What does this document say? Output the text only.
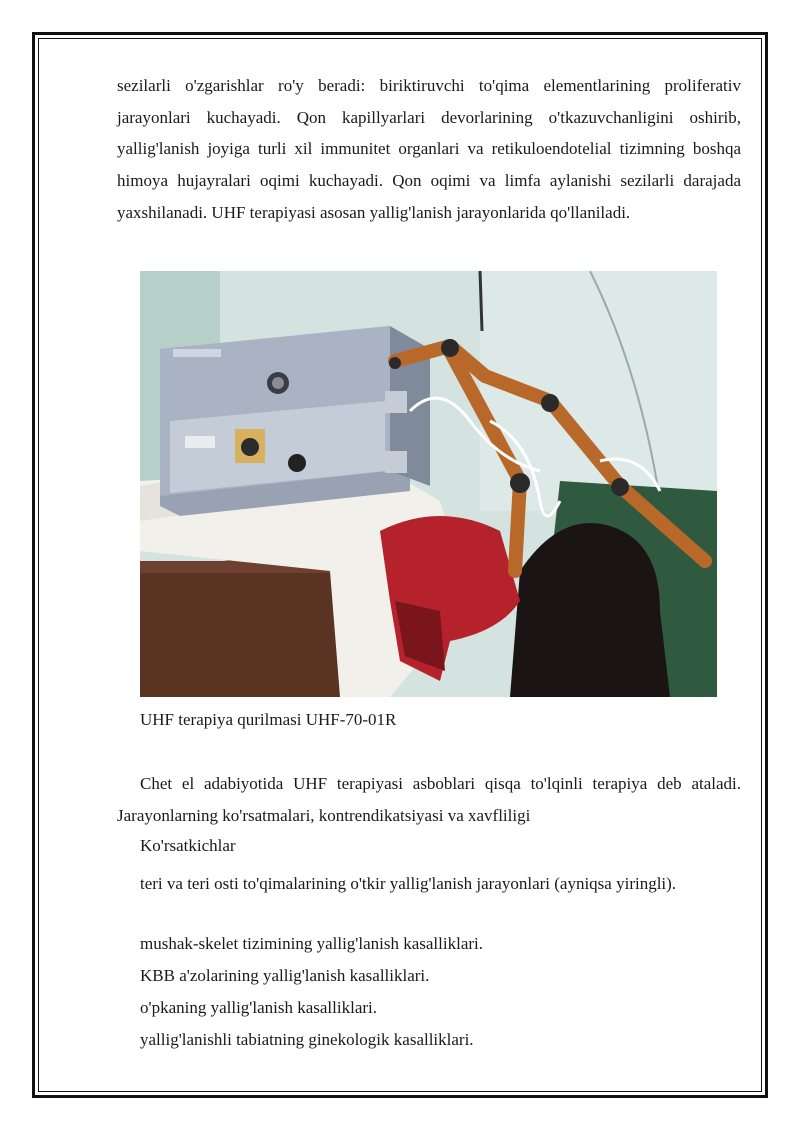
sezilarli o'zgarishlar ro'y beradi: biriktiruvchi to'qima elementlarining proliferativ jarayonlari kuchayadi. Qon kapillyarlari devorlarining o'tkazuvchanligini oshirib, yallig'lanish joyiga turli xil immunitet organlari va retikuloendotelial tizimning boshqa himoya hujayralari oqimi kuchayadi. Qon oqimi va limfa aylanishi sezilarli darajada yaxshilanadi. UHF terapiyasi asosan yallig'lanish jarayonlarida qo'llaniladi.

UHF terapiya qurilmasi UHF-70-01R

Chet el adabiyotida UHF terapiyasi asboblari qisqa to'lqinli terapiya deb ataladi. Jarayonlarning ko'rsatmalari, kontrendikatsiyasi va xavfliligi

Ko'rsatkichlar

teri va teri osti to'qimalarining o'tkir yallig'lanish jarayonlari (ayniqsa yiringli).

mushak-skelet tizimining yallig'lanish kasalliklari.

KBB a'zolarining yallig'lanish kasalliklari.

o'pkaning yallig'lanish kasalliklari.

yallig'lanishli tabiatning ginekologik kasalliklari.
